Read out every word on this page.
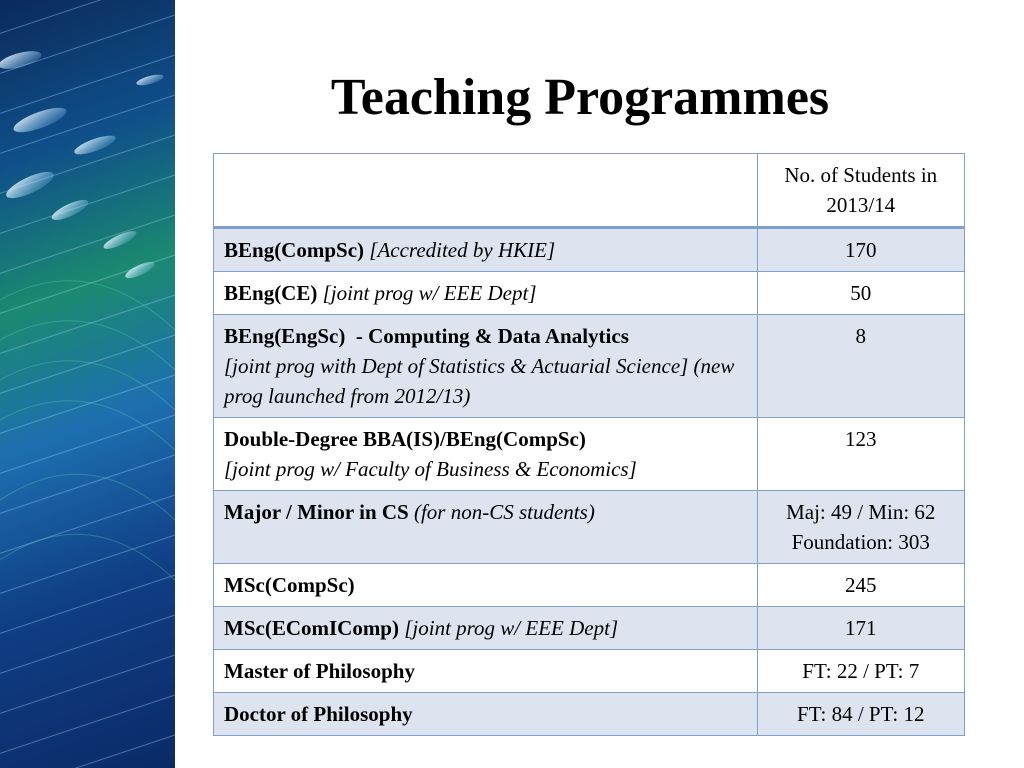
Teaching Programmes
	No. of Students in 2013/14
BEng(CompSc) [Accredited by HKIE]	170
BEng(CE) [joint prog w/ EEE Dept]	50
BEng(EngSc)  - Computing & Data Analytics
[joint prog with Dept of Statistics & Actuarial Science] (new prog launched from 2012/13)	8
Double-Degree BBA(IS)/BEng(CompSc)
[joint prog w/ Faculty of Business & Economics]	123
Major / Minor in CS (for non-CS students)	Maj: 49 / Min: 62
Foundation: 303
MSc(CompSc)	245
MSc(EComIComp) [joint prog w/ EEE Dept]	171
Master of Philosophy	FT: 22 / PT: 7
Doctor of Philosophy	FT: 84 / PT: 12
